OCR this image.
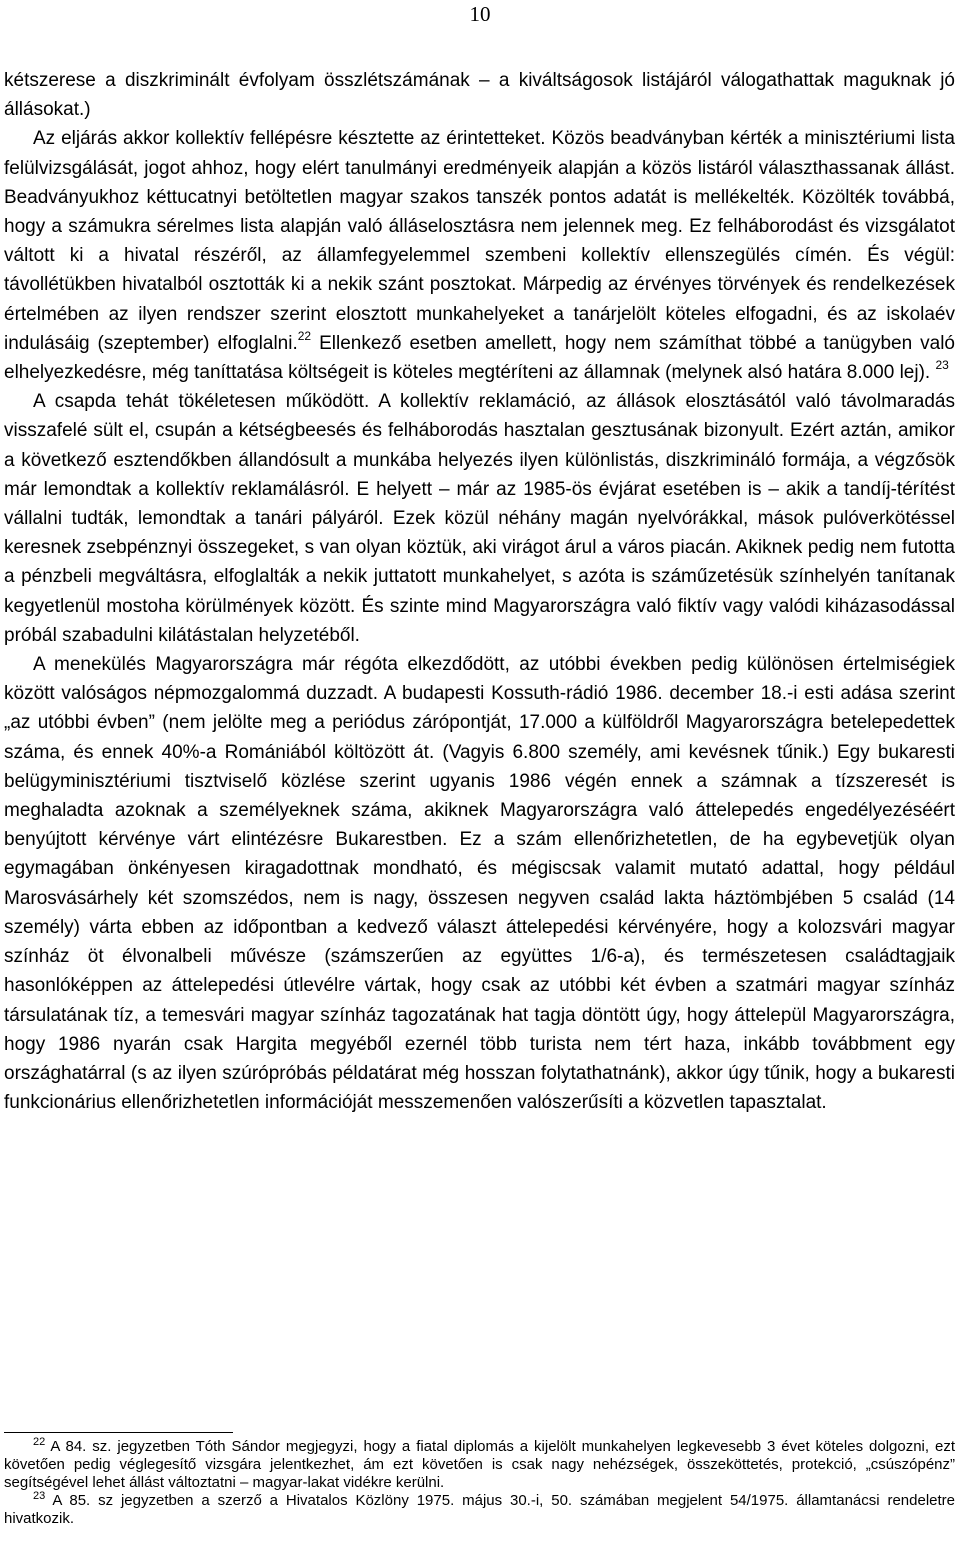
10

kétszerese a diszkriminált évfolyam összlétszámának – a kiváltságosok listájáról válogathattak maguknak jó állásokat.)

Az eljárás akkor kollektív fellépésre késztette az érintetteket. Közös beadványban kérték a minisztériumi lista felülvizsgálását, jogot ahhoz, hogy elért tanulmányi eredményeik alapján a közös listáról választhassanak állást. Beadványukhoz kéttucatnyi betöltetlen magyar szakos tanszék pontos adatát is mellékelték. Közölték továbbá, hogy a számukra sérelmes lista alapján való álláselosztásra nem jelennek meg. Ez felháborodást és vizsgálatot váltott ki a hivatal részéről, az államfegyelemmel szembeni kollektív ellenszegülés címén. És végül: távollétükben hivatalból osztották ki a nekik szánt posztokat. Márpedig az érvényes törvények és rendelkezések értelmében az ilyen rendszer szerint elosztott munkahelyeket a tanárjelölt köteles elfogadni, és az iskolaév indulásáig (szeptember) elfoglalni.$^{22}$ Ellenkező esetben amellett, hogy nem számíthat többé a tanügyben való elhelyezkedésre, még taníttatása költségeit is köteles megtéríteni az államnak (melynek alsó határa 8.000 lej). $^{23}$

A csapda tehát tökéletesen működött. A kollektív reklamáció, az állások elosztásától való távolmaradás visszafelé sült el, csupán a kétségbeesés és felháborodás hasztalan gesztusának bizonyult. Ezért aztán, amikor a következő esztendőkben állandósult a munkába helyezés ilyen különlistás, diszkrimináló formája, a végzősök már lemondtak a kollektív reklamálásról. E helyett – már az 1985-ös évjárat esetében is – akik a tandíj-térítést vállalni tudták, lemondtak a tanári pályáról. Ezek közül néhány magán nyelvórákkal, mások pulóverkötéssel keresnek zsebpénznyi összegeket, s van olyan köztük, aki virágot árul a város piacán. Akiknek pedig nem futotta a pénzbeli megváltásra, elfoglalták a nekik juttatott munkahelyet, s azóta is száműzetésük színhelyén tanítanak kegyetlenül mostoha körülmények között. És szinte mind Magyarországra való fiktív vagy valódi kiházasodással próbál szabadulni kilátástalan helyzetéből.

A menekülés Magyarországra már régóta elkezdődött, az utóbbi években pedig különösen értelmiségiek között valóságos népmozgalommá duzzadt. A budapesti Kossuth-rádió 1986. december 18.-i esti adása szerint „az utóbbi évben” (nem jelölte meg a periódus zárópontját, 17.000 a külföldről Magyarországra betelepedettek száma, és ennek 40%-a Romániából költözött át. (Vagyis 6.800 személy, ami kevésnek tűnik.) Egy bukaresti belügyminisztériumi tisztviselő közlése szerint ugyanis 1986 végén ennek a számnak a tízszeresét is meghaladta azoknak a személyeknek száma, akiknek Magyarországra való áttelepedés engedélyezéséért benyújtott kérvénye várt elintézésre Bukarestben. Ez a szám ellenőrizhetetlen, de ha egybevetjük olyan egymagában önkényesen kiragadottnak mondható, és mégiscsak valamit mutató adattal, hogy például Marosvásárhely két szomszédos, nem is nagy, összesen negyven család lakta háztömbjében 5 család (14 személy) várta ebben az időpontban a kedvező választ áttelepedési kérvényére, hogy a kolozsvári magyar színház öt élvonalbeli művésze (számszerűen az együttes 1/6-a), és természetesen családtagjaik hasonlóképpen az áttelepedési útlevélre vártak, hogy csak az utóbbi két évben a szatmári magyar színház társulatának tíz, a temesvári magyar színház tagozatának hat tagja döntött úgy, hogy áttelepül Magyarországra, hogy 1986 nyarán csak Hargita megyéből ezernél több turista nem tért haza, inkább továbbment egy országhatárral (s az ilyen szúrópróbás példatárat még hosszan folytathatnánk), akkor úgy tűnik, hogy a bukaresti funkcionárius ellenőrizhetetlen információját messzemenően valószerűsíti a közvetlen tapasztalat.

$^{22}$ A 84. sz. jegyzetben Tóth Sándor megjegyzi, hogy a fiatal diplomás a kijelölt munkahelyen legkevesebb 3 évet köteles dolgozni, ezt követően pedig véglegesítő vizsgára jelentkezhet, ám ezt követően is csak nagy nehézségek, összeköttetés, protekció, „csúszópénz” segítségével lehet állást változtatni – magyar-lakat vidékre kerülni.

$^{23}$ A 85. sz jegyzetben a szerző a Hivatalos Közlöny 1975. május 30.-i, 50. számában megjelent 54/1975. államtanácsi rendeletre hivatkozik.
